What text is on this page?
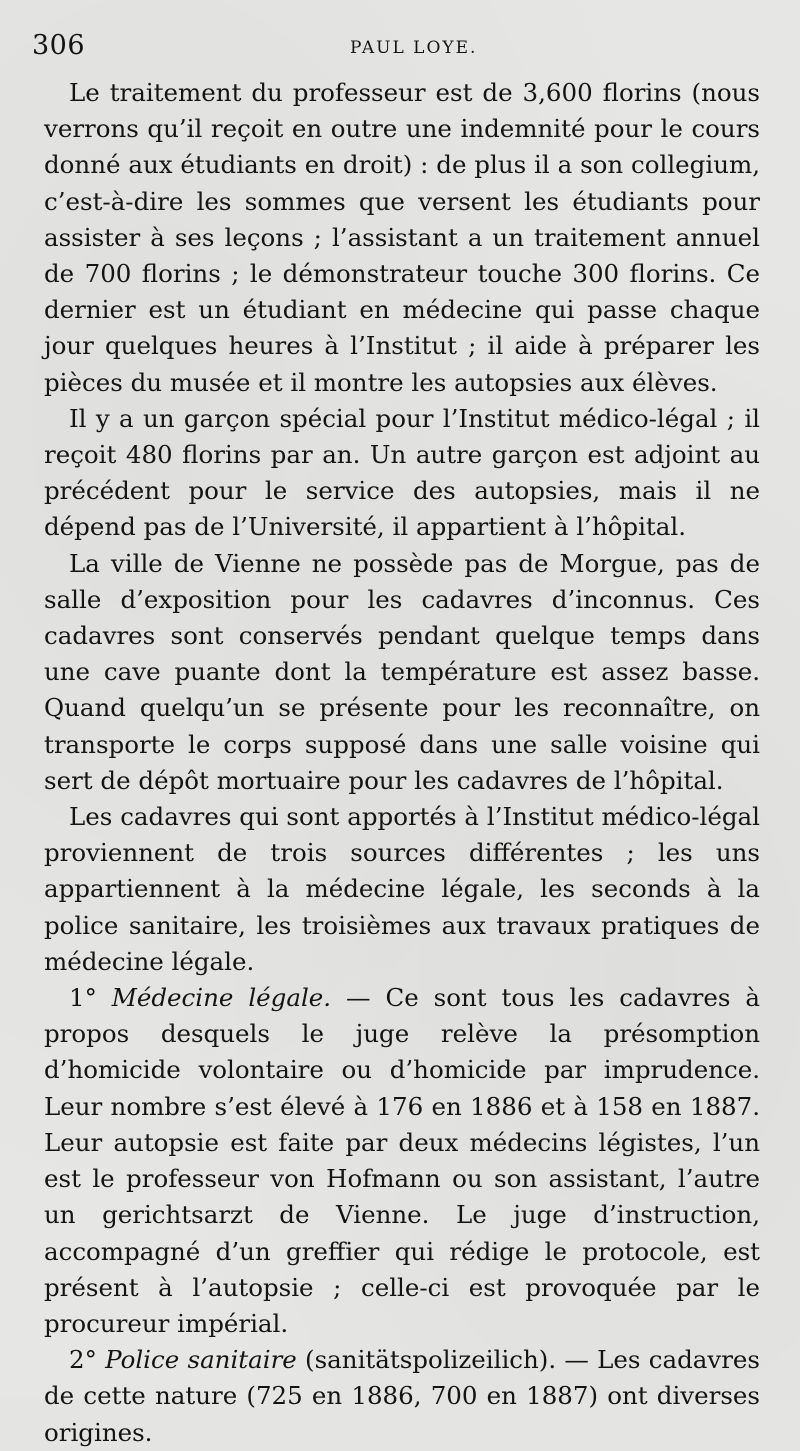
306	PAUL LOYE.

Le traitement du professeur est de 3,600 florins (nous verrons qu’il reçoit en outre une indemnité pour le cours donné aux étudiants en droit) : de plus il a son collegium, c’est-à-dire les sommes que versent les étudiants pour assister à ses leçons ; l’assistant a un traitement annuel de 700 florins ; le démonstrateur touche 300 florins. Ce dernier est un étudiant en médecine qui passe chaque jour quelques heures à l’Institut ; il aide à préparer les pièces du musée et il montre les autopsies aux élèves.

Il y a un garçon spécial pour l’Institut médico-légal ; il reçoit 480 florins par an. Un autre garçon est adjoint au précédent pour le service des autopsies, mais il ne dépend pas de l’Université, il appartient à l’hôpital.

La ville de Vienne ne possède pas de Morgue, pas de salle d’exposition pour les cadavres d’inconnus. Ces cadavres sont conservés pendant quelque temps dans une cave puante dont la température est assez basse. Quand quelqu’un se présente pour les reconnaître, on transporte le corps supposé dans une salle voisine qui sert de dépôt mortuaire pour les cadavres de l’hôpital.

Les cadavres qui sont apportés à l’Institut médico-légal proviennent de trois sources différentes ; les uns appartiennent à la médecine légale, les seconds à la police sanitaire, les troisièmes aux travaux pratiques de médecine légale.

1° Médecine légale. — Ce sont tous les cadavres à propos desquels le juge relève la présomption d’homicide volontaire ou d’homicide par imprudence. Leur nombre s’est élevé à 176 en 1886 et à 158 en 1887. Leur autopsie est faite par deux médecins légistes, l’un est le professeur von Hofmann ou son assistant, l’autre un gerichtsarzt de Vienne. Le juge d’instruction, accompagné d’un greffier qui rédige le protocole, est présent à l’autopsie ; celle-ci est provoquée par le procureur impérial.

2° Police sanitaire (sanitätspolizeilich). — Les cadavres de cette nature (725 en 1886, 700 en 1887) ont diverses origines.
